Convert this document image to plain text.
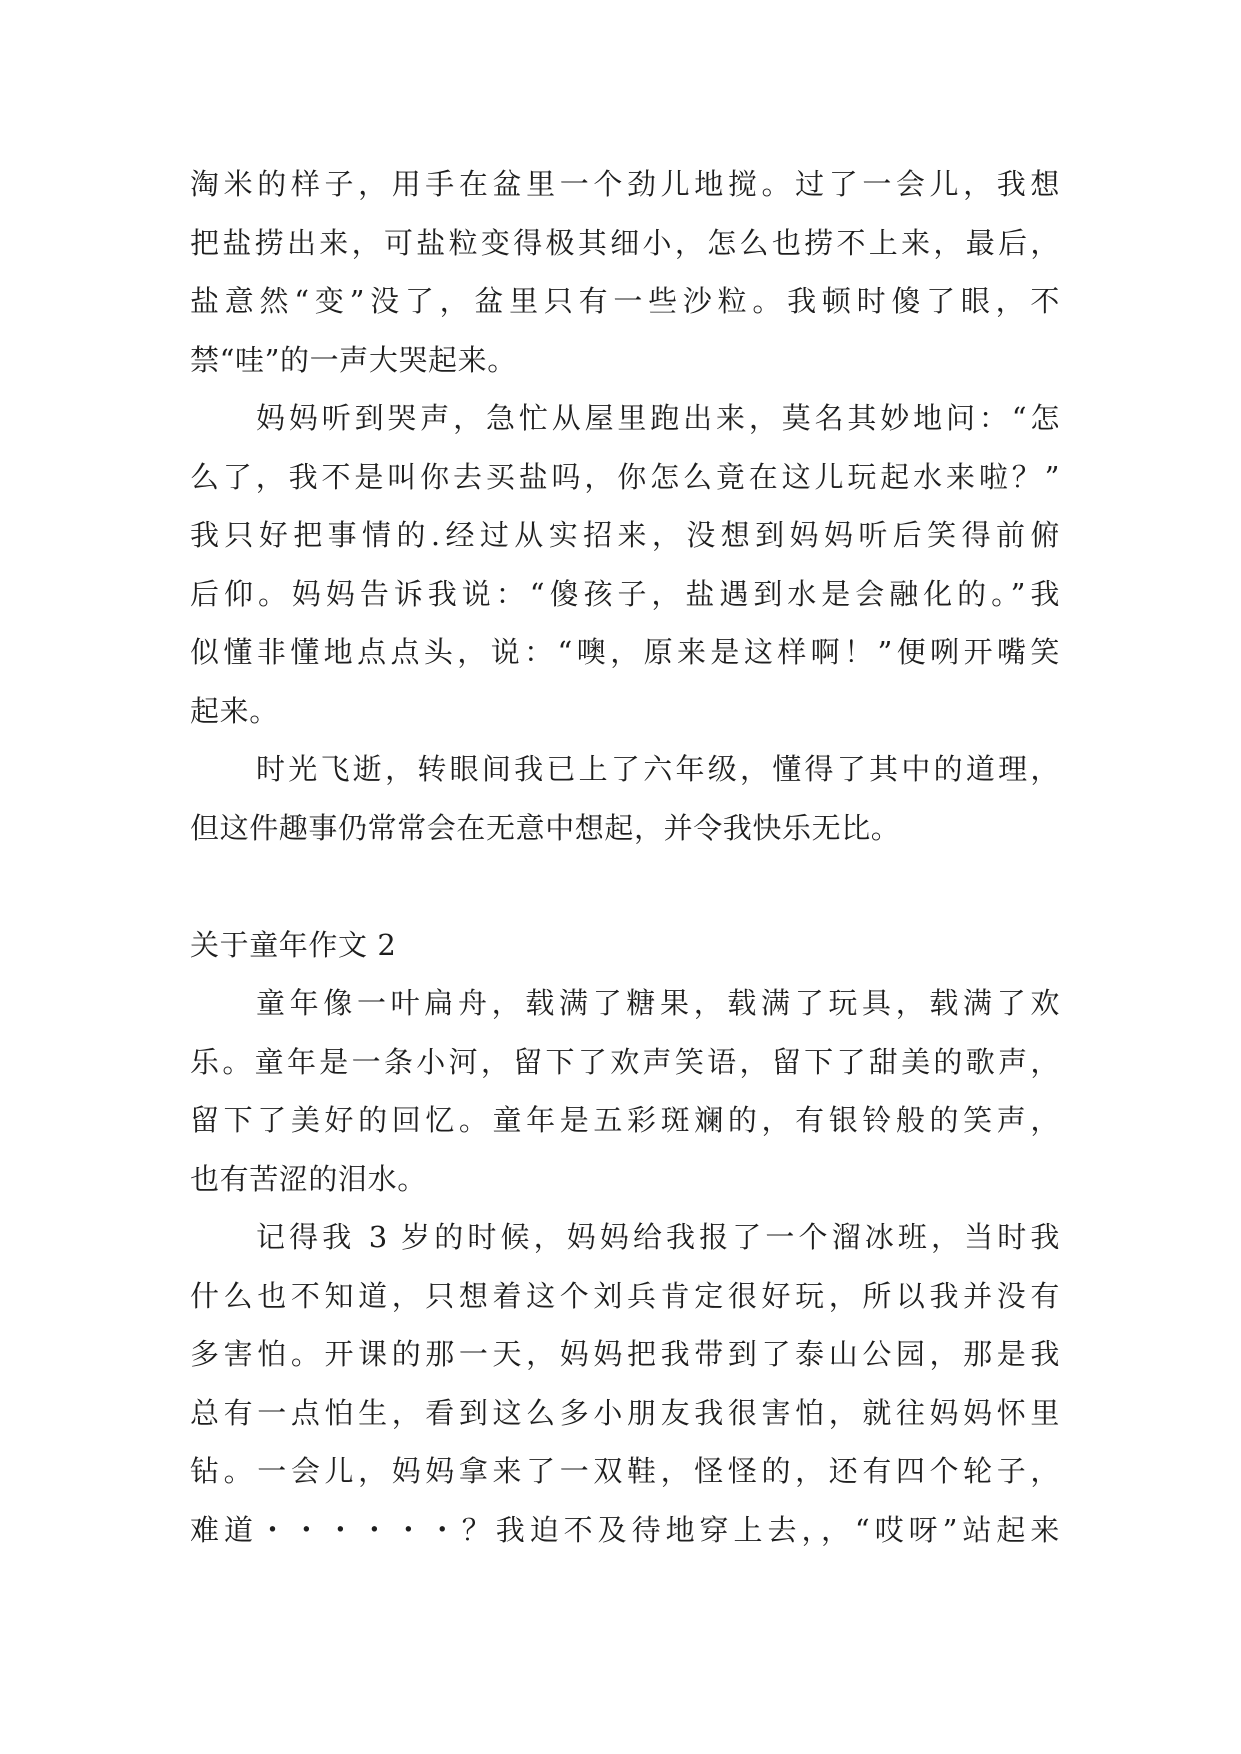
淘米的样子，用手在盆里一个劲儿地搅。过了一会儿，我想
把盐捞出来，可盐粒变得极其细小，怎么也捞不上来，最后，
盐意然“变”没了，盆里只有一些沙粒。我顿时傻了眼，不
禁“哇”的一声大哭起来。
妈妈听到哭声，急忙从屋里跑出来，莫名其妙地问：“怎
么了，我不是叫你去买盐吗，你怎么竟在这儿玩起水来啦？”
我只好把事情的.经过从实招来，没想到妈妈听后笑得前俯
后仰。妈妈告诉我说：“傻孩子，盐遇到水是会融化的。”我
似懂非懂地点点头，说：“噢，原来是这样啊！”便咧开嘴笑
起来。
时光飞逝，转眼间我已上了六年级，懂得了其中的道理，
但这件趣事仍常常会在无意中想起，并令我快乐无比。
关于童年作文 2
童年像一叶扁舟，载满了糖果，载满了玩具，载满了欢
乐。童年是一条小河，留下了欢声笑语，留下了甜美的歌声，
留下了美好的回忆。童年是五彩斑斓的，有银铃般的笑声，
也有苦涩的泪水。
记得我 3 岁的时候，妈妈给我报了一个溜冰班，当时我
什么也不知道，只想着这个刘兵肯定很好玩，所以我并没有
多害怕。开课的那一天，妈妈把我带到了泰山公园，那是我
总有一点怕生，看到这么多小朋友我很害怕，就往妈妈怀里
钻。一会儿，妈妈拿来了一双鞋，怪怪的，还有四个轮子，
难道・・・・・・？我迫不及待地穿上去，，“哎呀”站起来
